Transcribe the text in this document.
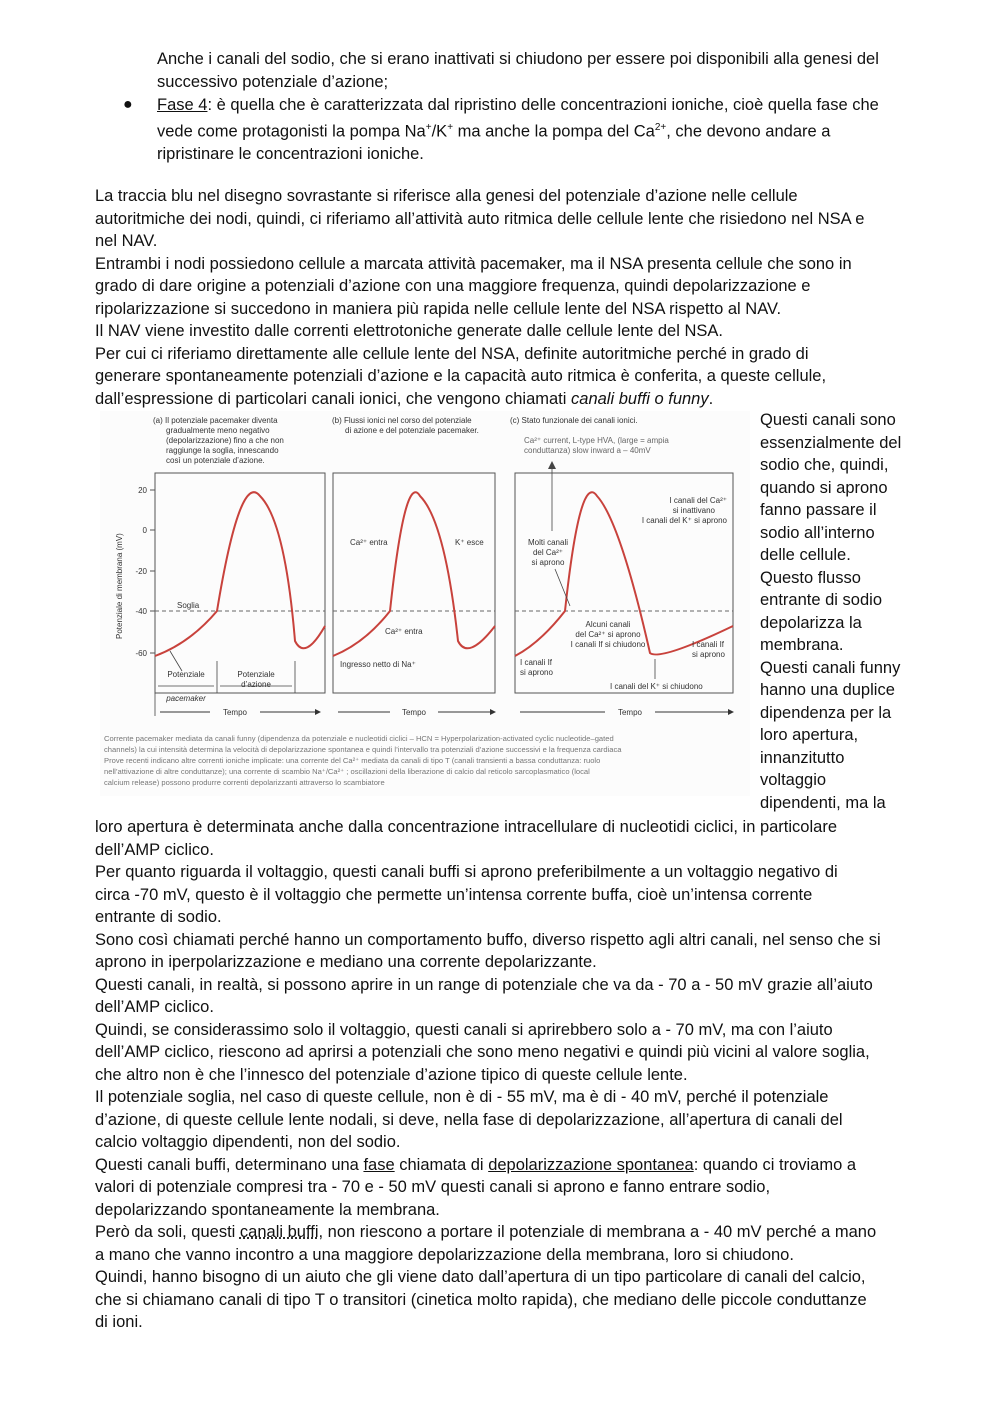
Anche i canali del sodio, che si erano inattivati si chiudono per essere poi disponibili alla genesi del
successivo potenziale d’azione;
● Fase 4: è quella che è caratterizzata dal ripristino delle concentrazioni ioniche, cioè quella fase che
vede come protagonisti la pompa Na+/K+ ma anche la pompa del $Ca^{2+}$, che devono andare a
ripristinare le concentrazioni ioniche.
La traccia blu nel disegno sovrastante si riferisce alla genesi del potenziale d’azione nelle cellule
autoritmiche dei nodi, quindi, ci riferiamo all’attività auto ritmica delle cellule lente che risiedono nel NSA e
nel NAV.
Entrambi i nodi possiedono cellule a marcata attività pacemaker, ma il NSA presenta cellule che sono in
grado di dare origine a potenziali d’azione con una maggiore frequenza, quindi depolarizzazione e
ripolarizzazione si succedono in maniera più rapida nelle cellule lente del NSA rispetto al NAV.
Il NAV viene investito dalle correnti elettrotoniche generate dalle cellule lente del NSA.
Per cui ci riferiamo direttamente alle cellule lente del NSA, definite autoritmiche perché in grado di
generare spontaneamente potenziali d’azione e la capacità auto ritmica è conferita, a queste cellule,
dall’espressione di particolari canali ionici, che vengono chiamati canali buffi o funny.
(a) Il potenziale pacemaker diventa
gradualmente meno negativo
(depolarizzazione) fino a che non
raggiunge la soglia, innescando
così un potenziale d’azione.
(b) Flussi ionici nel corso del potenziale
di azione e del potenziale pacemaker.
(c) Stato funzionale dei canali ionici.
20
0
-20
-40
-60
Potenziale di membrana (mV)	Soglia
Potenziale
pacemaker
Potenziale
d’azione
Tempo	Tempo	Tempo
Ca²⁺ entra	K⁺ esce
Ca²⁺ entra
Ingresso netto di Na⁺
Ca²⁺ current, L-type HVA, (large = ampia
conduttanza) slow inward a – 40mV
I canali del Ca²⁺
si inattivano
I canali del K⁺ si aprono
Molti canali
del Ca²⁺
si aprono
Alcuni canali
del Ca²⁺ si aprono
I canali If si chiudono
I canali If
si aprono
I canali If
si aprono
I canali del K⁺ si chiudono
Corrente pacemaker mediata da canali funny (dipendenza da potenziale e nucleotidi ciclici – HCN = Hyperpolarization-activated cyclic nucleotide–gated
channels) la cui intensità determina la velocità di depolarizzazione spontanea e quindi l’intervallo tra potenziali d’azione successivi e la frequenza cardiaca
Prove recenti indicano altre correnti ioniche implicate: una corrente del Ca²⁺ mediata da canali di tipo T (canali transienti a bassa conduttanza: ruolo
nell’attivazione di altre conduttanze); una corrente di scambio Na⁺/Ca²⁺ ; oscillazioni della liberazione di calcio dal reticolo sarcoplasmatico (local
calcium release) possono produrre correnti depolarizzanti attraverso lo scambiatore
Questi canali sono
essenzialmente del
sodio che, quindi,
quando si aprono
fanno passare il
sodio all’interno
delle cellule.
Questo flusso
entrante di sodio
depolarizza la
membrana.
Questi canali funny
hanno una duplice
dipendenza per la
loro apertura,
innanzitutto
voltaggio
dipendenti, ma la
loro apertura è determinata anche dalla concentrazione intracellulare di nucleotidi ciclici, in particolare
dell’AMP ciclico.
Per quanto riguarda il voltaggio, questi canali buffi si aprono preferibilmente a un voltaggio negativo di
circa -70 mV, questo è il voltaggio che permette un’intensa corrente buffa, cioè un’intensa corrente
entrante di sodio.
Sono così chiamati perché hanno un comportamento buffo, diverso rispetto agli altri canali, nel senso che si
aprono in iperpolarizzazione e mediano una corrente depolarizzante.
Questi canali, in realtà, si possono aprire in un range di potenziale che va da - 70 a - 50 mV grazie all’aiuto
dell’AMP ciclico.
Quindi, se considerassimo solo il voltaggio, questi canali si aprirebbero solo a - 70 mV, ma con l’aiuto
dell’AMP ciclico, riescono ad aprirsi a potenziali che sono meno negativi e quindi più vicini al valore soglia,
che altro non è che l’innesco del potenziale d’azione tipico di queste cellule lente.
Il potenziale soglia, nel caso di queste cellule, non è di - 55 mV, ma è di - 40 mV, perché il potenziale
d’azione, di queste cellule lente nodali, si deve, nella fase di depolarizzazione, all’apertura di canali del
calcio voltaggio dipendenti, non del sodio.
Questi canali buffi, determinano una fase chiamata di depolarizzazione spontanea: quando ci troviamo a
valori di potenziale compresi tra - 70 e - 50 mV questi canali si aprono e fanno entrare sodio,
depolarizzando spontaneamente la membrana.
Però da soli, questi canali buffi, non riescono a portare il potenziale di membrana a - 40 mV perché a mano
a mano che vanno incontro a una maggiore depolarizzazione della membrana, loro si chiudono.
Quindi, hanno bisogno di un aiuto che gli viene dato dall’apertura di un tipo particolare di canali del calcio,
che si chiamano canali di tipo T o transitori (cinetica molto rapida), che mediano delle piccole conduttanze
di ioni.
